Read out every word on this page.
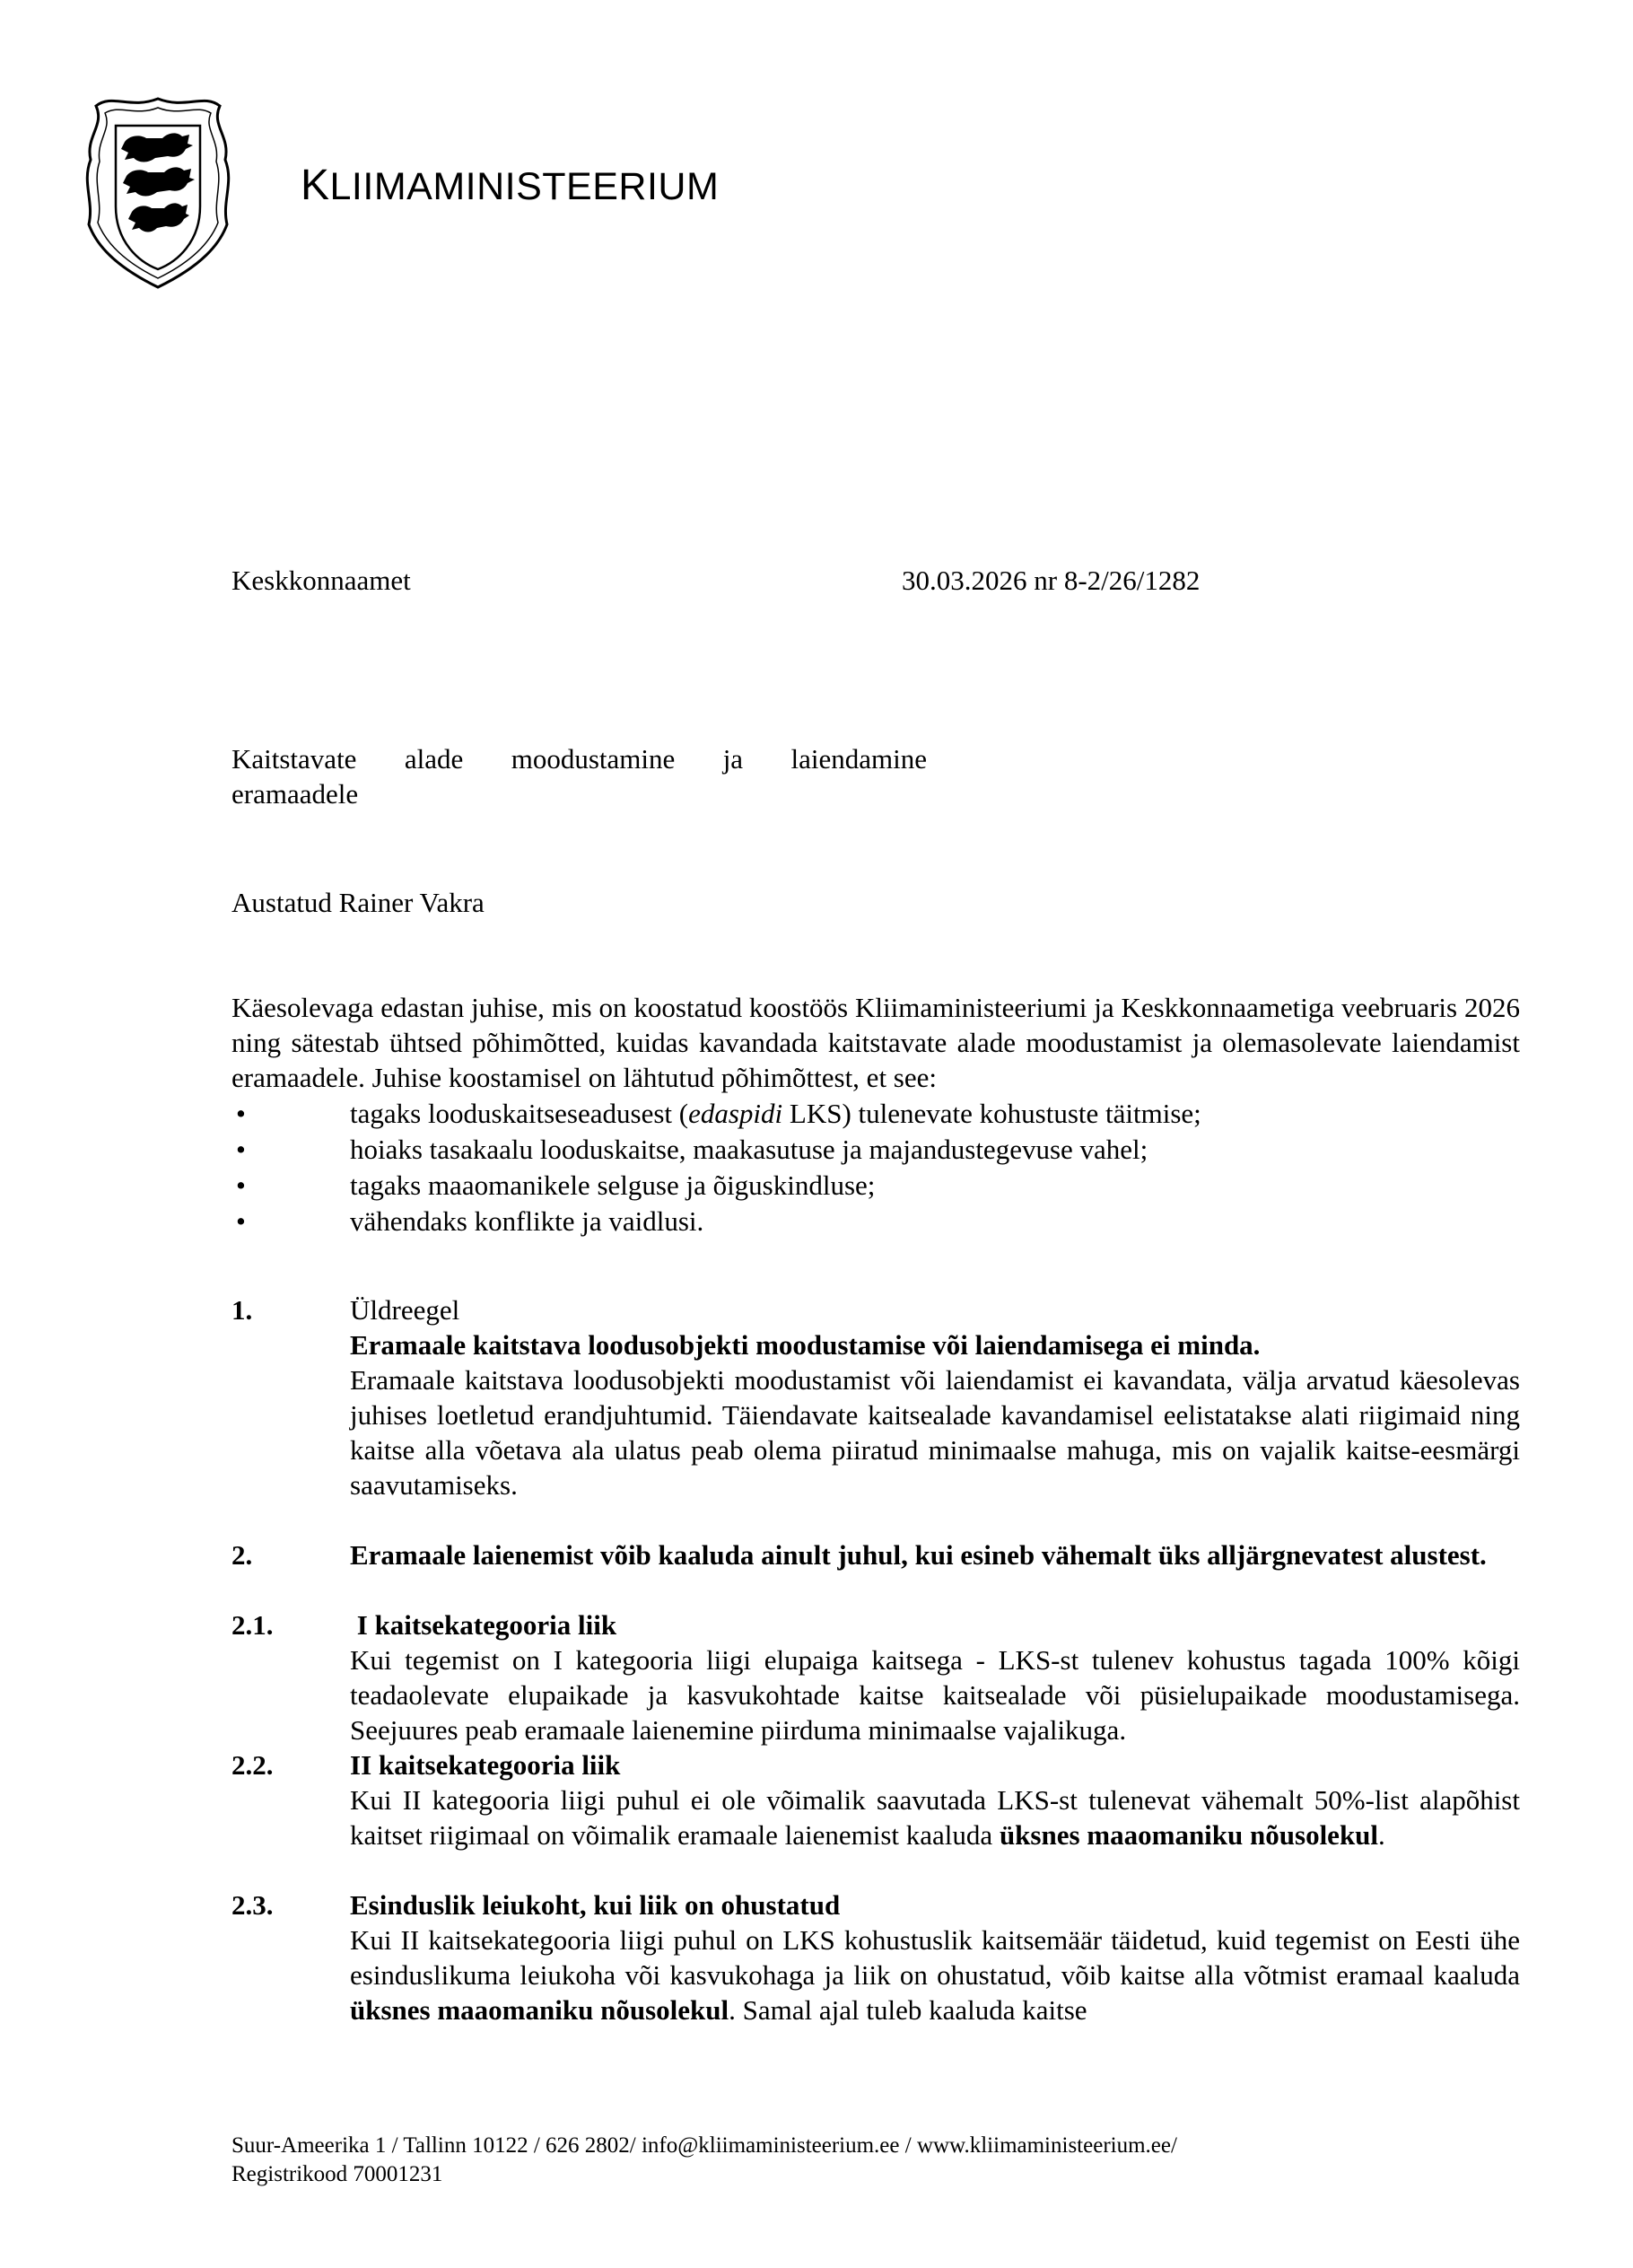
KLIIMAMINISTEERIUM
Keskkonnaamet	30.03.2026 nr 8-2/26/1282
Kaitstavate alade moodustamine ja laiendamine
eramaadele
Austatud Rainer Vakra
Käesolevaga edastan juhise, mis on koostatud koostöös Kliimaministeeriumi ja Keskkonnaametiga veebruaris 2026 ning sätestab ühtsed põhimõtted, kuidas kavandada kaitstavate alade moodustamist ja olemasolevate laiendamist eramaadele. Juhise koostamisel on lähtutud põhimõttest, et see:
•	tagaks looduskaitseseadusest (edaspidi LKS) tulenevate kohustuste täitmise;
•	hoiaks tasakaalu looduskaitse, maakasutuse ja majandustegevuse vahel;
•	tagaks maaomanikele selguse ja õiguskindluse;
•	vähendaks konflikte ja vaidlusi.
1.	Üldreegel
Eramaale kaitstava loodusobjekti moodustamise või laiendamisega ei minda.
Eramaale kaitstava loodusobjekti moodustamist või laiendamist ei kavandata, välja arvatud käesolevas juhises loetletud erandjuhtumid. Täiendavate kaitsealade kavandamisel eelistatakse alati riigimaid ning kaitse alla võetava ala ulatus peab olema piiratud minimaalse mahuga, mis on vajalik kaitse-eesmärgi saavutamiseks.
2.	Eramaale laienemist võib kaaluda ainult juhul, kui esineb vähemalt üks alljärgnevatest alustest.
2.1.	I kaitsekategooria liik
Kui tegemist on I kategooria liigi elupaiga kaitsega - LKS-st tulenev kohustus tagada 100% kõigi teadaolevate elupaikade ja kasvukohtade kaitse kaitsealade või püsielupaikade moodustamisega. Seejuures peab eramaale laienemine piirduma minimaalse vajalikuga.
2.2.	II kaitsekategooria liik
Kui II kategooria liigi puhul ei ole võimalik saavutada LKS-st tulenevat vähemalt 50%-list alapõhist kaitset riigimaal on võimalik eramaale laienemist kaaluda üksnes maaomaniku nõusolekul.
2.3.	Esinduslik leiukoht, kui liik on ohustatud
Kui II kaitsekategooria liigi puhul on LKS kohustuslik kaitsemäär täidetud, kuid tegemist on Eesti ühe esinduslikuma leiukoha või kasvukohaga ja liik on ohustatud, võib kaitse alla võtmist eramaal kaaluda üksnes maaomaniku nõusolekul. Samal ajal tuleb kaaluda kaitse
Suur-Ameerika 1 / Tallinn 10122 / 626 2802/ info@kliimaministeerium.ee / www.kliimaministeerium.ee/
Registrikood 70001231
